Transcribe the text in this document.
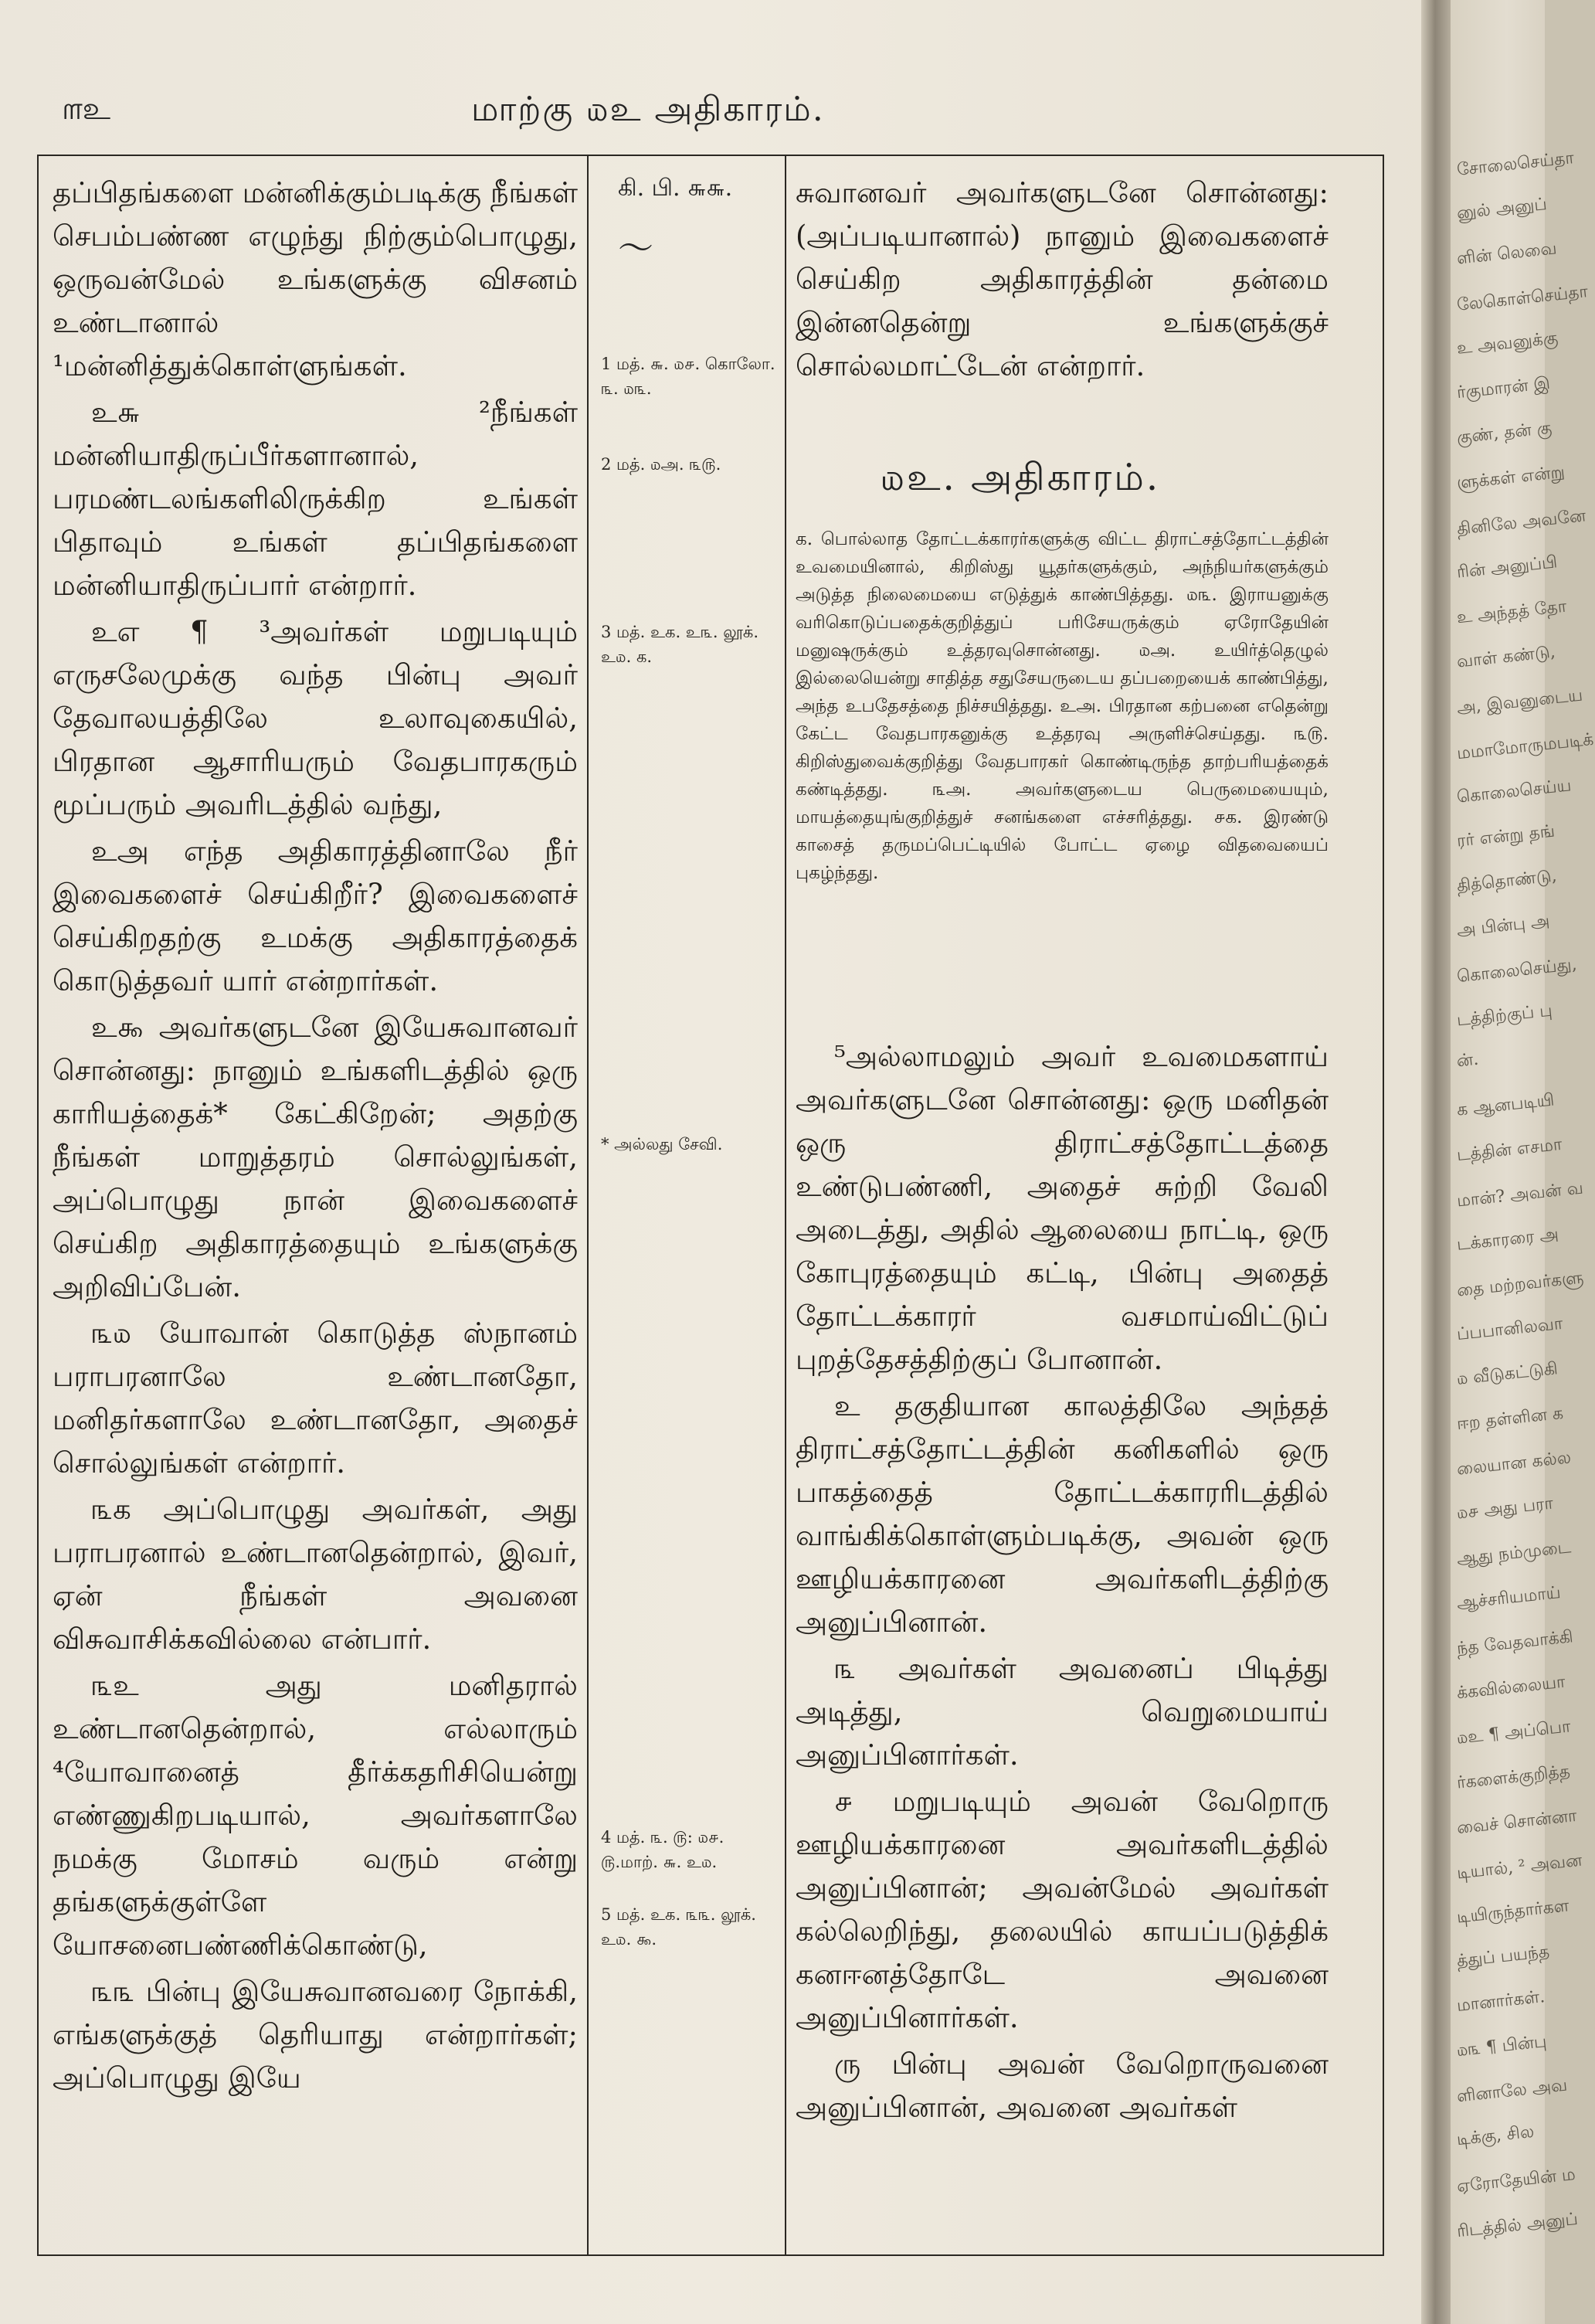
௱உ	மாற்கு ௰உ அதிகாரம்.

தப்பிதங்களை மன்னிக்கும்படிக்கு நீங்கள் செபம்பண்ண எழுந்து நிற்கும்பொழுது, ஒருவன்மேல் உங்களுக்கு விசனம் உண்டானால் ¹மன்னித்துக்கொள்ளுங்கள்.

உ௬ ²நீங்கள் மன்னியாதிருப்பீர்களானால், பரமண்டலங்களிலிருக்கிற உங்கள் பிதாவும் உங்கள் தப்பிதங்களை மன்னியாதிருப்பார் என்றார்.

உஎ ¶ ³அவர்கள் மறுபடியும் எருசலேமுக்கு வந்த பின்பு அவர் தேவாலயத்திலே உலாவுகையில், பிரதான ஆசாரியரும் வேதபாரகரும் மூப்பரும் அவரிடத்தில் வந்து,

உஅ எந்த அதிகாரத்தினாலே நீர் இவைகளைச் செய்கிறீர்? இவைகளைச் செய்கிறதற்கு உமக்கு அதிகாரத்தைக் கொடுத்தவர் யார் என்றார்கள்.

உ௯ அவர்களுடனே இயேசுவானவர் சொன்னது: நானும் உங்களிடத்தில் ஒரு காரியத்தைக்* கேட்கிறேன்; அதற்கு நீங்கள் மாறுத்தரம் சொல்லுங்கள், அப்பொழுது நான் இவைகளைச் செய்கிற அதிகாரத்தையும் உங்களுக்கு அறிவிப்பேன்.

௩௰ யோவான் கொடுத்த ஸ்நானம் பராபரனாலே உண்டானதோ, மனிதர்களாலே உண்டானதோ, அதைச் சொல்லுங்கள் என்றார்.

௩க அப்பொழுது அவர்கள், அது பராபரனால் உண்டானதென்றால், இவர், ஏன் நீங்கள் அவனை விசுவாசிக்கவில்லை என்பார்.

௩உ அது மனிதரால் உண்டானதென்றால், எல்லாரும் ⁴யோவானைத் தீர்க்கதரிசியென்று எண்ணுகிறபடியால், அவர்களாலே நமக்கு மோசம் வரும் என்று தங்களுக்குள்ளே யோசனைபண்ணிக்கொண்டு,

௩௩ பின்பு இயேசுவானவரை நோக்கி, எங்களுக்குத் தெரியாது என்றார்கள்; அப்பொழுது இயே

கி. பி. ௬௬.
〜
1 மத். ௬. ௰௪. கொலோ. ௩. ௰௩.
2 மத். ௰அ. ௩௫.
3 மத். உக. உ௩. லூக். உ௰. க.
* அல்லது சேவி.
4 மத். ௩. ௫: ௰௪. ௫.மாற். ௬. உ௰.
5 மத். உக. ௩௩. லூக். உ௰. ௯.

சுவானவர் அவர்களுடனே சொன்னது: (அப்படியானால்) நானும் இவைகளைச் செய்கிற அதிகாரத்தின் தன்மை இன்னதென்று உங்களுக்குச் சொல்லமாட்டேன் என்றார்.

௰உ. அதிகாரம்.
க. பொல்லாத தோட்டக்காரர்களுக்கு விட்ட திராட்சத்தோட்டத்தின் உவமையினால், கிறிஸ்து யூதர்களுக்கும், அந்நியர்களுக்கும் அடுத்த நிலைமையை எடுத்துக் காண்பித்தது. ௰௩. இராயனுக்கு வரிகொடுப்பதைக்குறித்துப் பரிசேயருக்கும் ஏரோதேயின் மனுஷருக்கும் உத்தரவுசொன்னது. ௰அ. உயிர்த்தெழுல் இல்லையென்று சாதித்த சதுசேயருடைய தப்பறையைக் காண்பித்து, அந்த உபதேசத்தை நிச்சயித்தது. உஅ. பிரதான கற்பனை எதென்று கேட்ட வேதபாரகனுக்கு உத்தரவு அருளிச்செய்தது. ௩௫. கிறிஸ்துவைக்குறித்து வேதபாரகர் கொண்டிருந்த தாற்பரியத்தைக் கண்டித்தது. ௩அ. அவர்களுடைய பெருமையையும், மாயத்தையுங்குறித்துச் சனங்களை எச்சரித்தது. ௪க. இரண்டு காசைத் தருமப்பெட்டியில் போட்ட ஏழை விதவையைப் புகழ்ந்தது.

⁵அல்லாமலும் அவர் உவமைகளாய் அவர்களுடனே சொன்னது: ஒரு மனிதன் ஒரு திராட்சத்தோட்டத்தை உண்டுபண்ணி, அதைச் சுற்றி வேலி அடைத்து, அதில் ஆலையை நாட்டி, ஒரு கோபுரத்தையும் கட்டி, பின்பு அதைத் தோட்டக்காரர் வசமாய்விட்டுப் புறத்தேசத்திற்குப் போனான்.

உ தகுதியான காலத்திலே அந்தத் திராட்சத்தோட்டத்தின் கனிகளில் ஒரு பாகத்தைத் தோட்டக்காரரிடத்தில் வாங்கிக்கொள்ளும்படிக்கு, அவன் ஒரு ஊழியக்காரனை அவர்களிடத்திற்கு அனுப்பினான்.

௩ அவர்கள் அவனைப் பிடித்து அடித்து, வெறுமையாய் அனுப்பினார்கள்.

௪ மறுபடியும் அவன் வேறொரு ஊழியக்காரனை அவர்களிடத்தில் அனுப்பினான்; அவன்மேல் அவர்கள் கல்லெறிந்து, தலையில் காயப்படுத்திக் கனஈனத்தோடே அவனை அனுப்பினார்கள்.

ரு பின்பு அவன் வேறொருவனை அனுப்பினான், அவனை அவர்கள்

சோலைசெய்தா
னுல் அனுப்
ளின் லெவை
லேகொள்செய்தா
உ அவனுக்கு
ர்குமாரன் இ
குண், தன் கு
ளுக்கள் என்று
தினிலே அவனே
ரின் அனுப்பி
உ அந்தத் தோ
வாள் கண்டு,
அ, இவனுடைய
மமாமோருமபடிக்
கொலைசெய்ய
ரர் என்று தங்
தித்தொண்டு,
அ பின்பு அ
கொலைசெய்து,
டத்திற்குப் பு
ன்.
க ஆனபடியி
டத்தின் எசமா
மான்? அவன் வ
டக்காரரை அ
தை மற்றவர்களு
ப்பபானிலவா
௰ வீடுகட்டுகி
ஈற தள்ளின க
லையான கல்ல
௰௪ அது பரா
ஆது நம்முடை
ஆச்சரியமாய்
ந்த வேதவாக்கி
க்கவில்லையா
௰உ ¶ அப்பொ
ர்களைக்குறித்த
வைச் சொன்னா
டியால், ² அவன
டியிருந்தார்கள
த்துப் பயந்த
மானார்கள்.
௰௩ ¶ பின்பு
ளினாலே அவ
டிக்கு, சில
ஏரோதேயின் ம
ரிடத்தில் அனுப்
